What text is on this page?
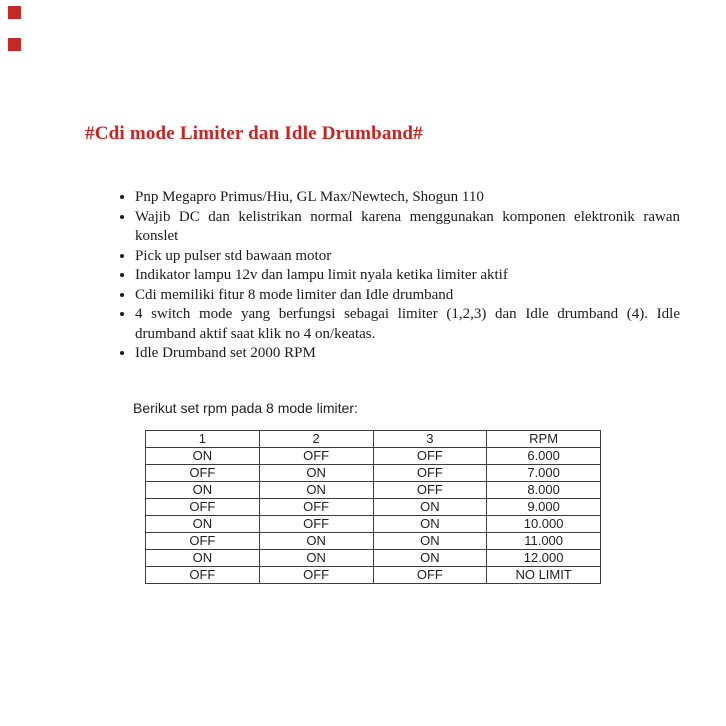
#Cdi mode Limiter dan Idle Drumband#
• Pnp Megapro Primus/Hiu, GL Max/Newtech, Shogun 110
• Wajib DC dan kelistrikan normal karena menggunakan komponen elektronik rawan konslet
• Pick up pulser std bawaan motor
• Indikator lampu 12v dan lampu limit nyala ketika limiter aktif
• Cdi memiliki fitur 8 mode limiter dan Idle drumband
• 4 switch mode yang berfungsi sebagai limiter (1,2,3) dan Idle drumband (4). Idle drumband aktif saat klik no 4 on/keatas.
• Idle Drumband set 2000 RPM
Berikut set rpm pada 8 mode limiter:
1	2	3	RPM
ON	OFF	OFF	6.000
OFF	ON	OFF	7.000
ON	ON	OFF	8.000
OFF	OFF	ON	9.000
ON	OFF	ON	10.000
OFF	ON	ON	11.000
ON	ON	ON	12.000
OFF	OFF	OFF	NO LIMIT
